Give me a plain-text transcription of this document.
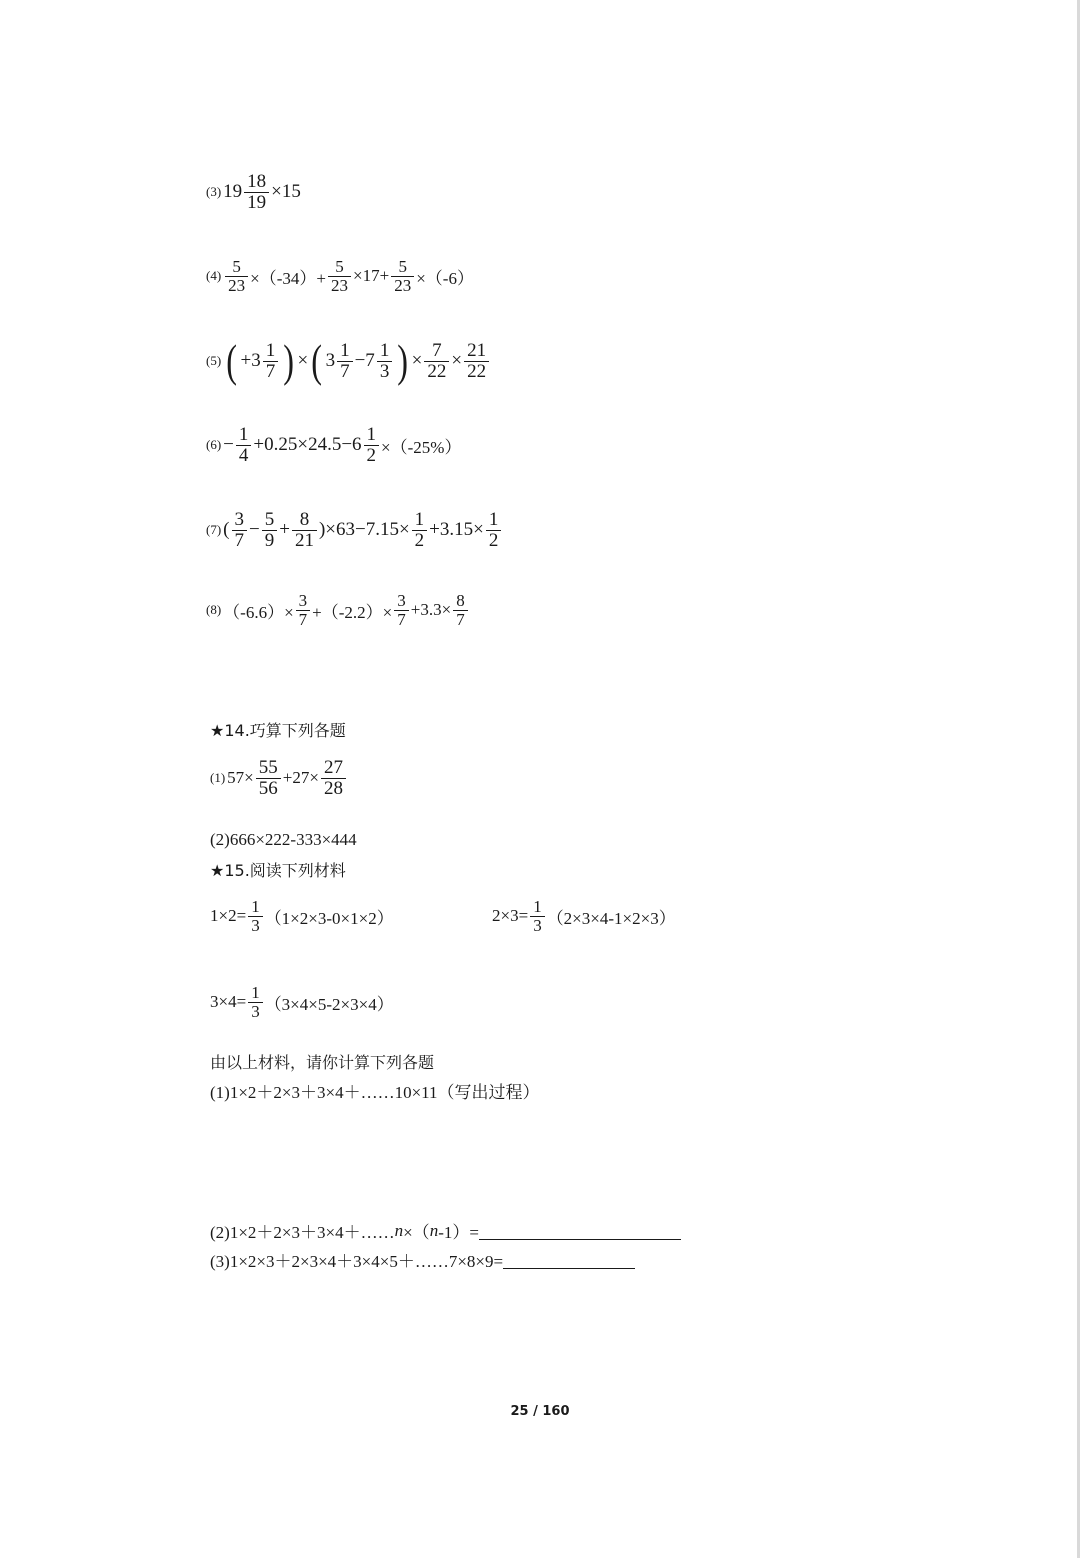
(3) $19 \frac{18}{19} \times 15$
$(4) \frac{5}{23} \times(-34)+ \frac{5}{23} \times 17+ \frac{5}{23} \times(-6)$
(5) ( $+3 \frac{1}{7}$ ) × ( $3 \frac{1}{7} -7 \frac{1}{3}$ ) × $\frac{7}{22} \times \frac{21}{22}$
$(6) - \frac{1}{4} +0.25\times 24.5-6 \frac{1}{2} \times(-25\%)$
(7) ( $\frac{3}{7} - \frac{5}{9} + \frac{8}{21} )\times 63-7.15\times \frac{1}{2} +3.15\times \frac{1}{2}$
(8) $(-6.6)\times \frac{3}{7} +(-2.2)\times \frac{3}{7} +3.3\times \frac{8}{7}$
★14.巧算下列各题
(1) $57\times \frac{55}{56} +27\times \frac{27}{28}$
(2)666×222-333×444
★15.阅读下列材料
$1\times 2= \frac{1}{3} (1\times 2\times 3-0\times 1\times 2)$	$2\times 3= \frac{1}{3} (2\times 3\times 4-1\times 2\times 3)$
$3\times 4= \frac{1}{3} (3\times 4\times 5-2\times 3\times 4)$
由以上材料，请你计算下列各题
(1)1×2＋2×3＋3×4＋……10×11（写出过程）
(2)1×2＋2×3＋3×4＋…… n ×（ n -1）=
(3)1×2×3＋2×3×4＋3×4×5＋……7×8×9=
25 / 160
